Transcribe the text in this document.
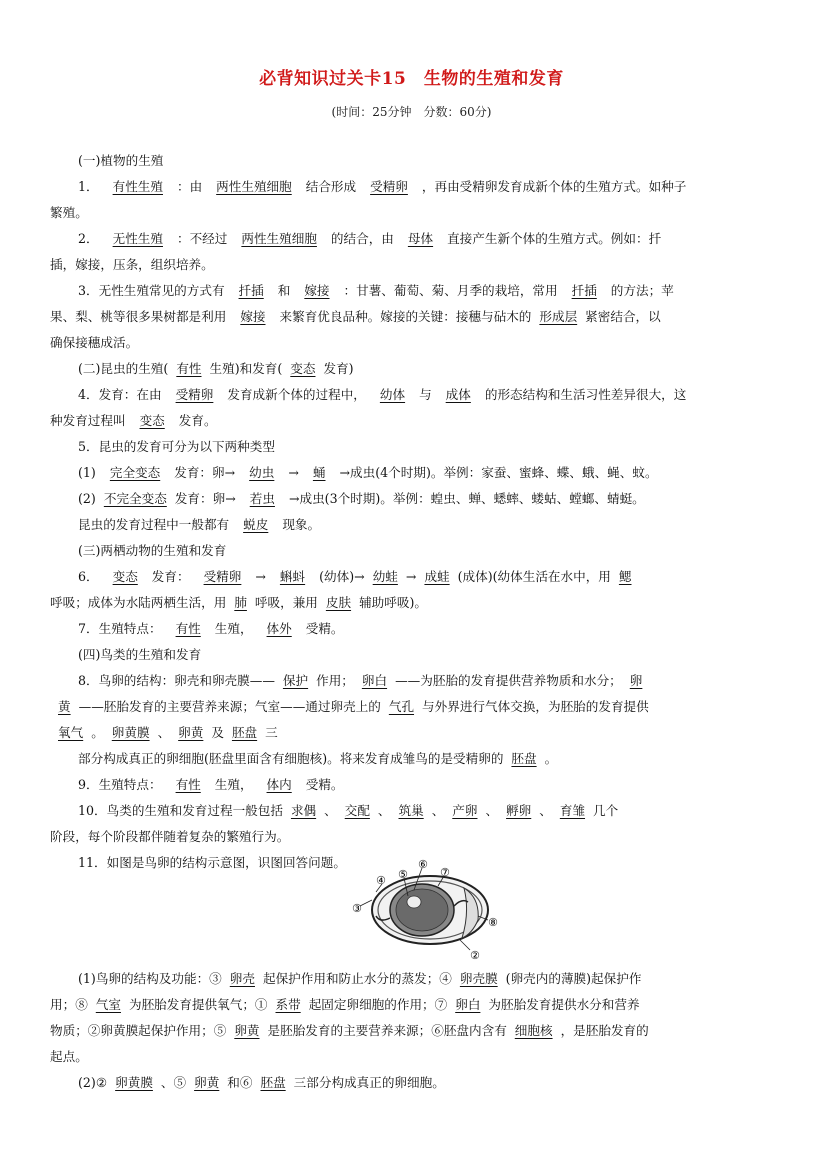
必背知识过关卡15　生物的生殖和发育
(时间：25分钟　分数：60分)
(一)植物的生殖
1． 有性生殖 ：由 两性生殖细胞 结合形成 受精卵 ，再由受精卵发育成新个体的生殖方式。如种子
繁殖。
2． 无性生殖 ：不经过 两性生殖细胞 的结合，由 母体 直接产生新个体的生殖方式。例如：扦
插，嫁接，压条，组织培养。
3．无性生殖常见的方式有 扦插 和 嫁接 ：甘薯、葡萄、菊、月季的栽培，常用 扦插 的方法；苹
果、梨、桃等很多果树都是利用 嫁接 来繁育优良品种。嫁接的关键：接穗与砧木的 形成层 紧密结合，以
确保接穗成活。
(二)昆虫的生殖( 有性 生殖)和发育( 变态 发育)
4．发育：在由 受精卵 发育成新个体的过程中， 幼体 与 成体 的形态结构和生活习性差异很大，这
种发育过程叫 变态 发育。
5．昆虫的发育可分为以下两种类型
(1) 完全变态 发育：卵→ 幼虫 → 蛹 →成虫(4个时期)。举例：家蚕、蜜蜂、蝶、蛾、蝇、蚊。
(2) 不完全变态 发育：卵→ 若虫 →成虫(3个时期)。举例：蝗虫、蝉、蟋蟀、蝼蛄、螳螂、蜻蜓。
昆虫的发育过程中一般都有 蜕皮 现象。
(三)两栖动物的生殖和发育
6． 变态 发育： 受精卵 → 蝌蚪 (幼体)→ 幼蛙 → 成蛙 (成体)(幼体生活在水中，用 鳃
呼吸；成体为水陆两栖生活，用 肺 呼吸，兼用 皮肤 辅助呼吸)。
7．生殖特点： 有性 生殖， 体外 受精。
(四)鸟类的生殖和发育
8．鸟卵的结构：卵壳和卵壳膜—— 保护 作用； 卵白 ——为胚胎的发育提供营养物质和水分； 卵
黄 ——胚胎发育的主要营养来源；气室——通过卵壳上的 气孔 与外界进行气体交换，为胚胎的发育提供
氧气 。 卵黄膜 、 卵黄 及 胚盘 三
部分构成真正的卵细胞(胚盘里面含有细胞核)。将来发育成雏鸟的是受精卵的 胚盘 。
9．生殖特点： 有性 生殖， 体内 受精。
10．鸟类的生殖和发育过程一般包括 求偶 、 交配 、 筑巢 、 产卵 、 孵卵 、 育雏 几个
阶段，每个阶段都伴随着复杂的繁殖行为。
11．如图是鸟卵的结构示意图，识图回答问题。
②
③
④ ⑤
⑥
⑦
⑧
(1)鸟卵的结构及功能：③ 卵壳 起保护作用和防止水分的蒸发；④ 卵壳膜 (卵壳内的薄膜)起保护作
用；⑧ 气室 为胚胎发育提供氧气；① 系带 起固定卵细胞的作用；⑦ 卵白 为胚胎发育提供水分和营养
物质；②卵黄膜起保护作用；⑤ 卵黄 是胚胎发育的主要营养来源；⑥胚盘内含有 细胞核 ，是胚胎发育的
起点。
(2)② 卵黄膜 、⑤ 卵黄 和⑥ 胚盘 三部分构成真正的卵细胞。
